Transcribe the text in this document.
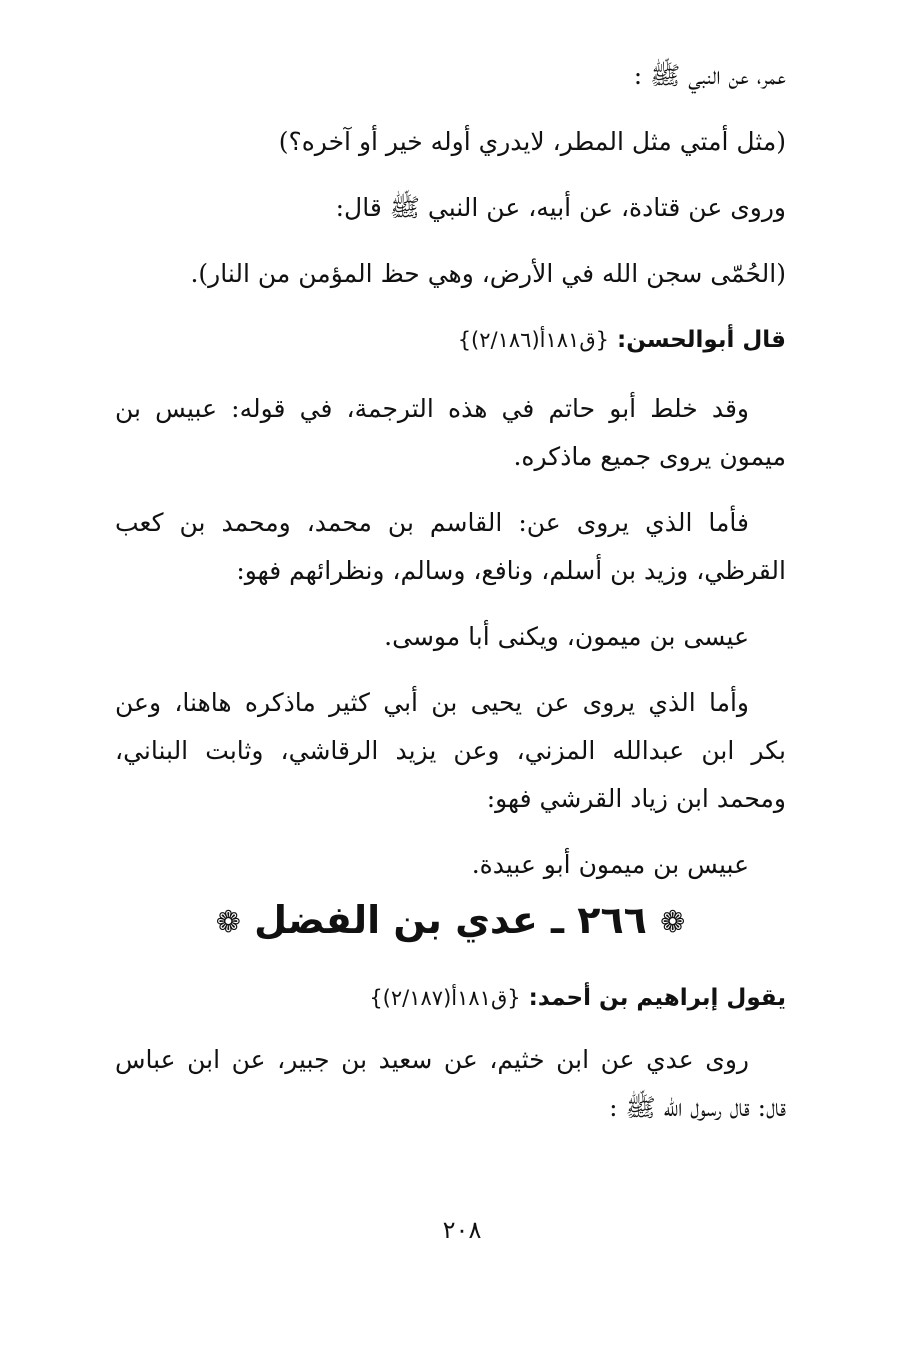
عمر، عن النبي ﷺ :
(مثل أمتي مثل المطر، لايدري أوله خير أو آخره؟)
وروى عن قتادة، عن أبيه، عن النبي ﷺ قال:
(الحُمّى سجن الله في الأرض، وهي حظ المؤمن من النار).
قال أبوالحسن: {ق١٨١أ(٢/١٨٦)}
وقد خلط أبو حاتم في هذه الترجمة، في قوله: عبيس بن
ميمون يروى جميع ماذكره.
فأما الذي يروى عن: القاسم بن محمد، ومحمد بن كعب
القرظي، وزيد بن أسلم، ونافع، وسالم، ونظرائهم فهو:
عيسى بن ميمون، ويكنى أبا موسى.
وأما الذي يروى عن يحيى بن أبي كثير ماذكره هاهنا، وعن
بكر ابن عبدالله المزني، وعن يزيد الرقاشي، وثابت البناني،
ومحمد ابن زياد القرشي فهو:
عبيس بن ميمون أبو عبيدة.
❁ ٢٦٦ ـ عدي بن الفضل ❁
يقول إبراهيم بن أحمد: {ق١٨١أ(٢/١٨٧)}
روى عدي عن ابن خثيم، عن سعيد بن جبير، عن ابن عباس
قال: قال رسول الله ﷺ :
٢٠٨
